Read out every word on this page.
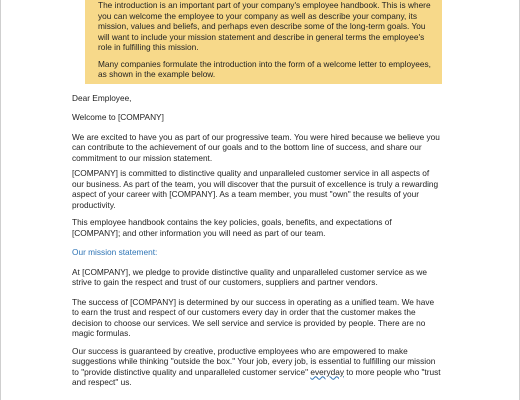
The introduction is an important part of your company's employee handbook. This is where you can welcome the employee to your company as well as describe your company, its mission, values and beliefs, and perhaps even describe some of the long-term goals. You will want to include your mission statement and describe in general terms the employee's role in fulfilling this mission.

Many companies formulate the introduction into the form of a welcome letter to employees, as shown in the example below.

Dear Employee,

Welcome to [COMPANY]

We are excited to have you as part of our progressive team. You were hired because we believe you can contribute to the achievement of our goals and to the bottom line of success, and share our commitment to our mission statement.

[COMPANY] is committed to distinctive quality and unparalleled customer service in all aspects of our business. As part of the team, you will discover that the pursuit of excellence is truly a rewarding aspect of your career with [COMPANY]. As a team member, you must "own" the results of your productivity.

This employee handbook contains the key policies, goals, benefits, and expectations of [COMPANY]; and other information you will need as part of our team.

Our mission statement:

At [COMPANY], we pledge to provide distinctive quality and unparalleled customer service as we strive to gain the respect and trust of our customers, suppliers and partner vendors.

The success of [COMPANY] is determined by our success in operating as a unified team. We have to earn the trust and respect of our customers every day in order that the customer makes the decision to choose our services. We sell service and service is provided by people. There are no magic formulas.

Our success is guaranteed by creative, productive employees who are empowered to make suggestions while thinking "outside the box." Your job, every job, is essential to fulfilling our mission to "provide distinctive quality and unparalleled customer service" everyday to more people who "trust and respect" us.
